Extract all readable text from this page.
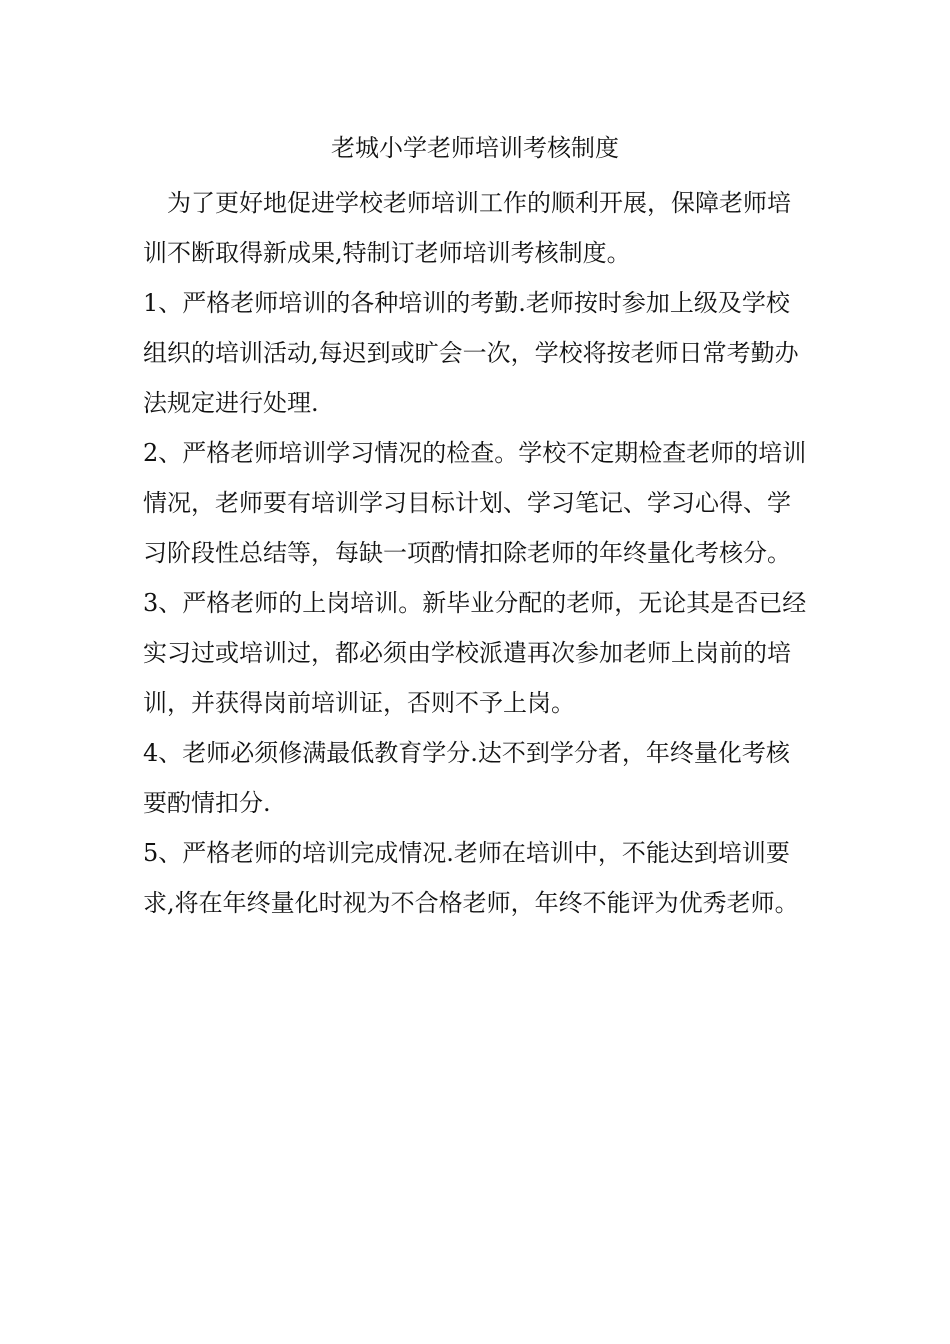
老城小学老师培训考核制度

　为了更好地促进学校老师培训工作的顺利开展，保障老师培训不断取得新成果,特制订老师培训考核制度。

1、严格老师培训的各种培训的考勤.老师按时参加上级及学校组织的培训活动,每迟到或旷会一次，学校将按老师日常考勤办法规定进行处理.

2、严格老师培训学习情况的检查。学校不定期检查老师的培训情况，老师要有培训学习目标计划、学习笔记、学习心得、学习阶段性总结等，每缺一项酌情扣除老师的年终量化考核分。

3、严格老师的上岗培训。新毕业分配的老师，无论其是否已经实习过或培训过，都必须由学校派遣再次参加老师上岗前的培训，并获得岗前培训证，否则不予上岗。

4、老师必须修满最低教育学分.达不到学分者，年终量化考核要酌情扣分.

5、严格老师的培训完成情况.老师在培训中，不能达到培训要求,将在年终量化时视为不合格老师，年终不能评为优秀老师。
